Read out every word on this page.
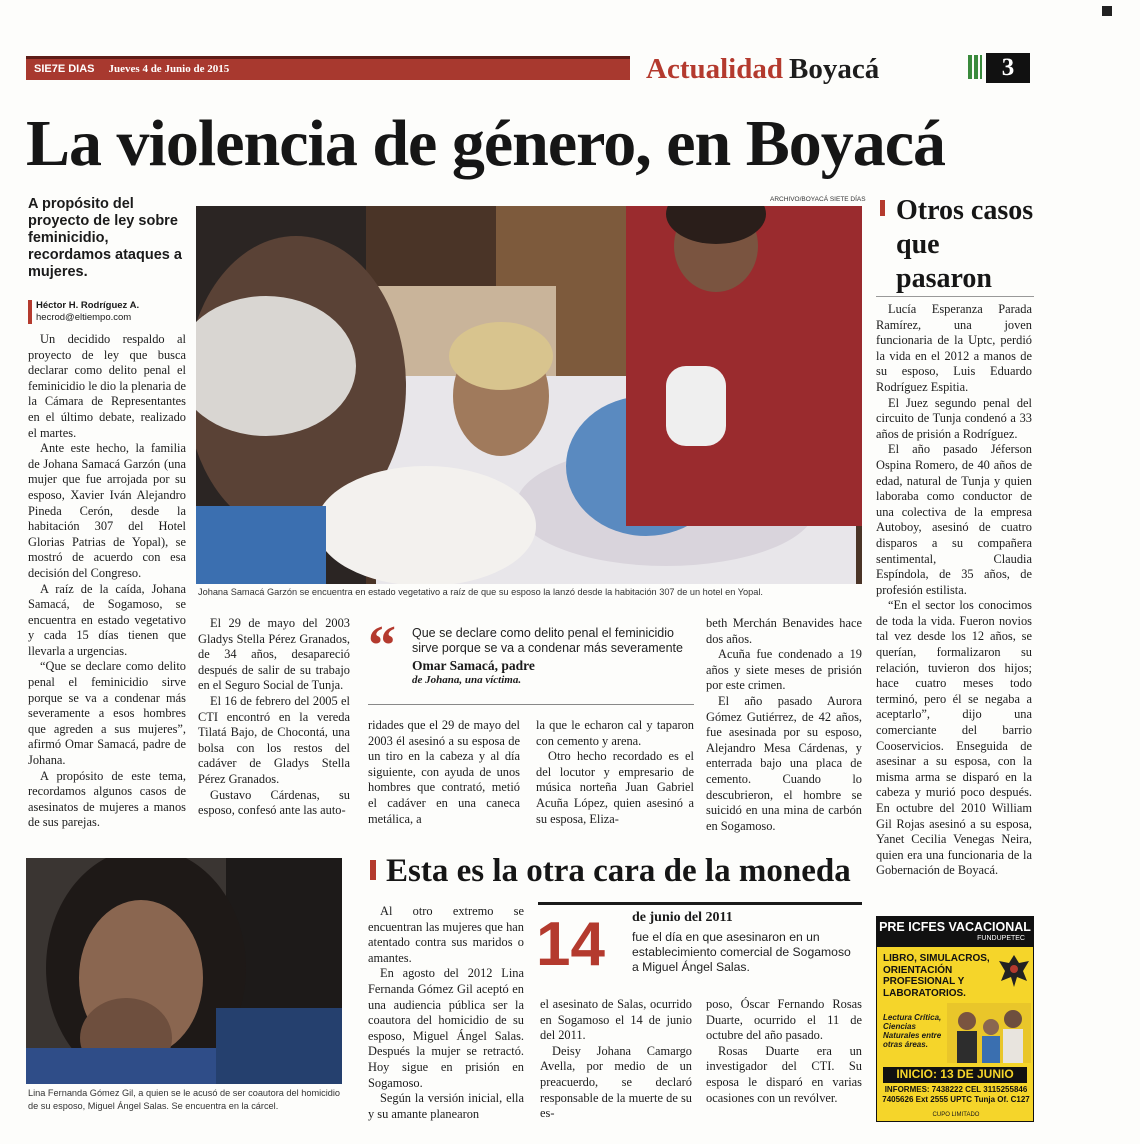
SIE7E DIAS Jueves 4 de Junio de 2015	Actualidad Boyacá	3
La violencia de género, en Boyacá
A propósito del proyecto de ley sobre feminicidio, recordamos ataques a mujeres.
Héctor H. Rodríguez A.
hecrod@eltiempo.com

Un decidido respaldo al proyecto de ley que busca declarar como delito penal el feminicidio le dio la plenaria de la Cámara de Representantes en el último debate, realizado el martes.

Ante este hecho, la familia de Johana Samacá Garzón (una mujer que fue arrojada por su esposo, Xavier Iván Alejandro Pineda Cerón, desde la habitación 307 del Hotel Glorias Patrias de Yopal), se mostró de acuerdo con esa decisión del Congreso.

A raíz de la caída, Johana Samacá, de Sogamoso, se encuentra en estado vegetativo y cada 15 días tienen que llevarla a urgencias.

“Que se declare como delito penal el feminicidio sirve porque se va a condenar más severamente a esos hombres que agreden a sus mujeres”, afirmó Omar Samacá, padre de Johana.

A propósito de este tema, recordamos algunos casos de asesinatos de mujeres a manos de sus parejas.

ARCHIVO/BOYACÁ SIETE DÍAS
Johana Samacá Garzón se encuentra en estado vegetativo a raíz de que su esposo la lanzó desde la habitación 307 de un hotel en Yopal.
Otros casos que pasaron

Lucía Esperanza Parada Ramírez, una joven funcionaria de la Uptc, perdió la vida en el 2012 a manos de su esposo, Luis Eduardo Rodríguez Espitia.

El Juez segundo penal del circuito de Tunja condenó a 33 años de prisión a Rodríguez.

El año pasado Jéferson Ospina Romero, de 40 años de edad, natural de Tunja y quien laboraba como conductor de una colectiva de la empresa Autoboy, asesinó de cuatro disparos a su compañera sentimental, Claudia Espíndola, de 35 años, de profesión estilista.

“En el sector los conocimos de toda la vida. Fueron novios tal vez desde los 12 años, se querían, formalizaron su relación, tuvieron dos hijos; hace cuatro meses todo terminó, pero él se negaba a aceptarlo”, dijo una comerciante del barrio Cooservicios. Enseguida de asesinar a su esposa, con la misma arma se disparó en la cabeza y murió poco después. En octubre del 2010 William Gil Rojas asesinó a su esposa, Yanet Cecilia Venegas Neira, quien era una funcionaria de la Gobernación de Boyacá.

El 29 de mayo del 2003 Gladys Stella Pérez Granados, de 34 años, desapareció después de salir de su trabajo en el Seguro Social de Tunja.

El 16 de febrero del 2005 el CTI encontró en la vereda Tilatá Bajo, de Chocontá, una bolsa con los restos del cadáver de Gladys Stella Pérez Granados.

Gustavo Cárdenas, su esposo, confesó ante las auto-

“ Que se declare como delito penal el feminicidio sirve porque se va a condenar más severamente
Omar Samacá, padre
de Johana, una víctima.

ridades que el 29 de mayo del 2003 él asesinó a su esposa de un tiro en la cabeza y al día siguiente, con ayuda de unos hombres que contrató, metió el cadáver en una caneca metálica, a

la que le echaron cal y taparon con cemento y arena.

Otro hecho recordado es el del locutor y empresario de música norteña Juan Gabriel Acuña López, quien asesinó a su esposa, Eliza-

beth Merchán Benavides hace dos años.

Acuña fue condenado a 19 años y siete meses de prisión por este crimen.

El año pasado Aurora Gómez Gutiérrez, de 42 años, fue asesinada por su esposo, Alejandro Mesa Cárdenas, y enterrada bajo una placa de cemento. Cuando lo descubrieron, el hombre se suicidó en una mina de carbón en Sogamoso.

Lina Fernanda Gómez Gil, a quien se le acusó de ser coautora del homicidio de su esposo, Miguel Ángel Salas. Se encuentra en la cárcel.
Esta es la otra cara de la moneda

Al otro extremo se encuentran las mujeres que han atentado contra sus maridos o amantes.

En agosto del 2012 Lina Fernanda Gómez Gil aceptó en una audiencia pública ser la coautora del homicidio de su esposo, Miguel Ángel Salas. Después la mujer se retractó. Hoy sigue en prisión en Sogamoso.

Según la versión inicial, ella y su amante planearon

14 de junio del 2011
fue el día en que asesinaron en un establecimiento comercial de Sogamoso a Miguel Ángel Salas.

el asesinato de Salas, ocurrido en Sogamoso el 14 de junio del 2011.

Deisy Johana Camargo Avella, por medio de un preacuerdo, se declaró responsable de la muerte de su es-

poso, Óscar Fernando Rosas Duarte, ocurrido el 11 de octubre del año pasado.

Rosas Duarte era un investigador del CTI. Su esposa le disparó en varias ocasiones con un revólver.

PRE ICFES VACACIONAL
FUNDUPETEC
LIBRO, SIMULACROS, ORIENTACIÓN PROFESIONAL Y LABORATORIOS.
Lectura Crítica, Ciencias Naturales entre otras áreas.
INICIO: 13 DE JUNIO
INFORMES: 7438222 CEL 3115255846 7405626 Ext 2555 UPTC Tunja Of. C127
CUPO LIMITADO
